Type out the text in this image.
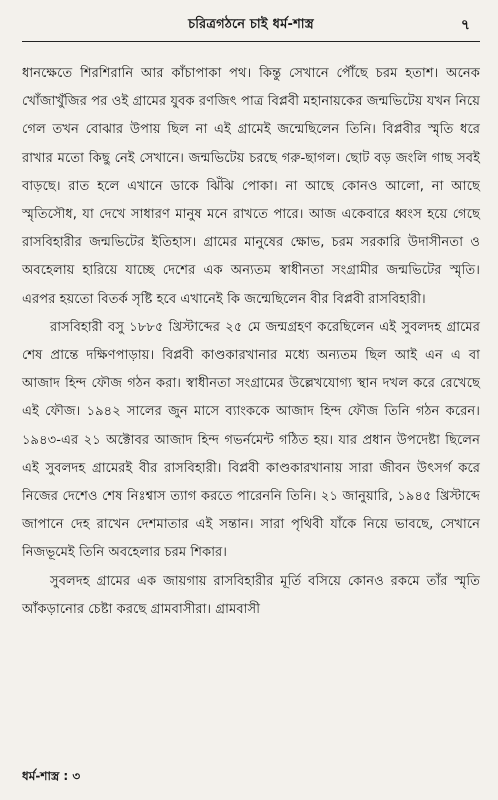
চরিত্রগঠনে চাই ধর্ম-শাস্ত্র	৭

ধানক্ষেতে শিরশিরানি আর কাঁচাপাকা পথ। কিন্তু সেখানে পৌঁছে চরম হতাশ। অনেক খোঁজাখুঁজির পর ওই গ্রামের যুবক রণজিৎ পাত্র বিপ্লবী মহানায়কের জন্মভিটেয় যখন নিয়ে গেল তখন বোঝার উপায় ছিল না এই গ্রামেই জন্মেছিলেন তিনি। বিপ্লবীর স্মৃতি ধরে রাখার মতো কিছু নেই সেখানে। জন্মভিটেয় চরছে গরু-ছাগল। ছোট বড় জংলি গাছ সবই বাড়ছে। রাত হলে এখানে ডাকে ঝিঁঝি পোকা। না আছে কোনও আলো, না আছে স্মৃতিসৌধ, যা দেখে সাধারণ মানুষ মনে রাখতে পারে। আজ একেবারে ধ্বংস হয়ে গেছে রাসবিহারীর জন্মভিটের ইতিহাস। গ্রামের মানুষের ক্ষোভ, চরম সরকারি উদাসীনতা ও অবহেলায় হারিয়ে যাচ্ছে দেশের এক অন্যতম স্বাধীনতা সংগ্রামীর জন্মভিটের স্মৃতি। এরপর হয়তো বিতর্ক সৃষ্টি হবে এখানেই কি জন্মেছিলেন বীর বিপ্লবী রাসবিহারী।

রাসবিহারী বসু ১৮৮৫ খ্রিস্টাব্দের ২৫ মে জন্মগ্রহণ করেছিলেন এই সুবলদহ গ্রামের শেষ প্রান্তে দক্ষিণপাড়ায়। বিপ্লবী কাণ্ডকারখানার মধ্যে অন্যতম ছিল আই এন এ বা আজাদ হিন্দ ফৌজ গঠন করা। স্বাধীনতা সংগ্রামের উল্লেখযোগ্য স্থান দখল করে রেখেছে এই ফৌজ। ১৯৪২ সালের জুন মাসে ব্যাংককে আজাদ হিন্দ ফৌজ তিনি গঠন করেন। ১৯৪৩-এর ২১ অক্টোবর আজাদ হিন্দ গভর্নমেন্ট গঠিত হয়। যার প্রধান উপদেষ্টা ছিলেন এই সুবলদহ গ্রামেরই বীর রাসবিহারী। বিপ্লবী কাণ্ডকারখানায় সারা জীবন উৎসর্গ করে নিজের দেশেও শেষ নিঃশ্বাস ত্যাগ করতে পারেননি তিনি। ২১ জানুয়ারি, ১৯৪৫ খ্রিস্টাব্দে জাপানে দেহ রাখেন দেশমাতার এই সন্তান। সারা পৃথিবী যাঁকে নিয়ে ভাবছে, সেখানে নিজভূমেই তিনি অবহেলার চরম শিকার।

সুবলদহ গ্রামের এক জায়গায় রাসবিহারীর মূর্তি বসিয়ে কোনও রকমে তাঁর স্মৃতি আঁকড়ানোর চেষ্টা করছে গ্রামবাসীরা। গ্রামবাসী

ধর্ম-শাস্ত্র : ৩
